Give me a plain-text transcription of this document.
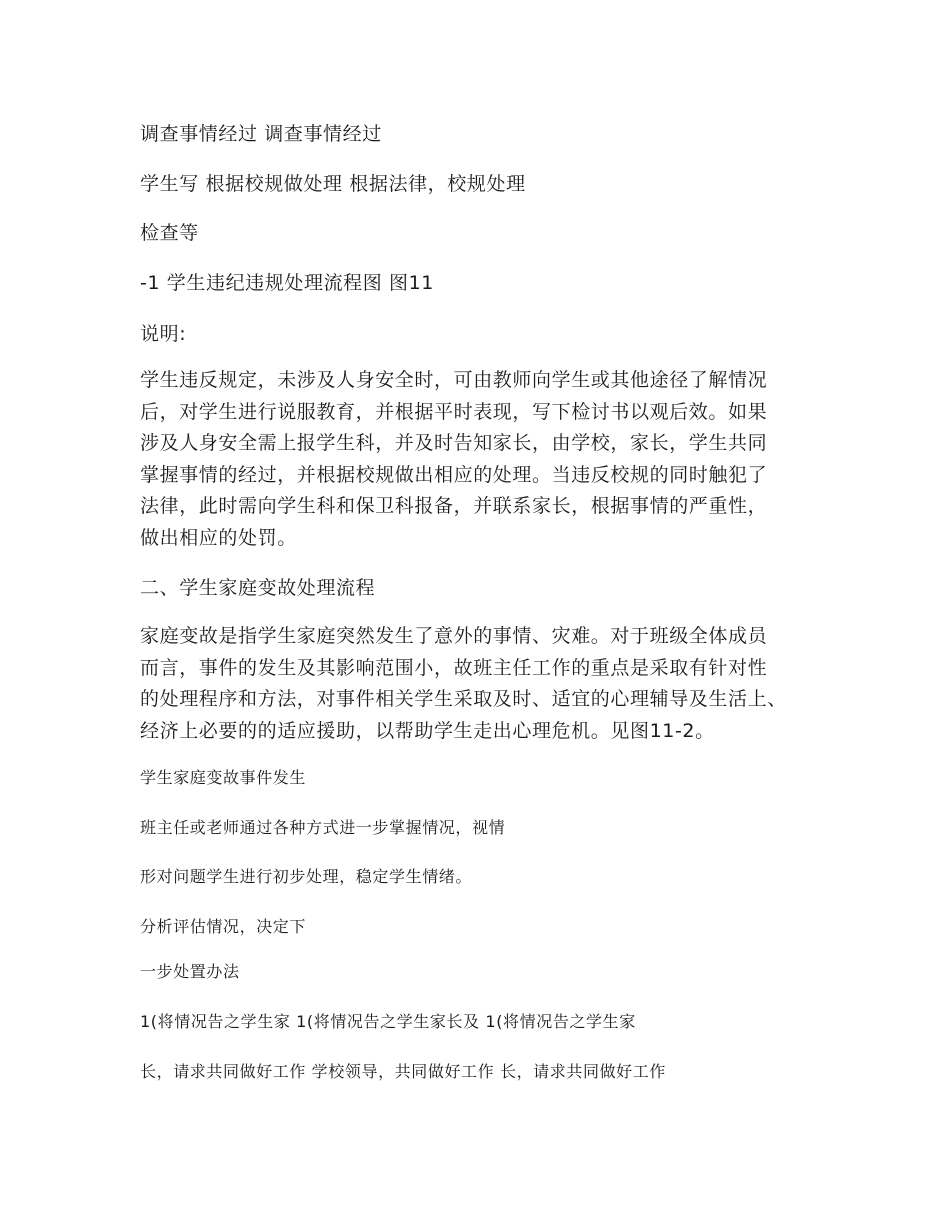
调查事情经过 调查事情经过

学生写 根据校规做处理 根据法律，校规处理

检查等

-1 学生违纪违规处理流程图 图11

说明:

学生违反规定，未涉及人身安全时，可由教师向学生或其他途径了解情况
后，对学生进行说服教育，并根据平时表现，写下检讨书以观后效。如果
涉及人身安全需上报学生科，并及时告知家长，由学校，家长，学生共同
掌握事情的经过，并根据校规做出相应的处理。当违反校规的同时触犯了
法律，此时需向学生科和保卫科报备，并联系家长，根据事情的严重性，
做出相应的处罚。

二、学生家庭变故处理流程

家庭变故是指学生家庭突然发生了意外的事情、灾难。对于班级全体成员
而言，事件的发生及其影响范围小，故班主任工作的重点是采取有针对性
的处理程序和方法，对事件相关学生采取及时、适宜的心理辅导及生活上、
经济上必要的的适应援助，以帮助学生走出心理危机。见图11-2。

学生家庭变故事件发生

班主任或老师通过各种方式进一步掌握情况，视情

形对问题学生进行初步处理，稳定学生情绪。

分析评估情况，决定下

一步处置办法

1(将情况告之学生家 1(将情况告之学生家长及 1(将情况告之学生家

长，请求共同做好工作 学校领导，共同做好工作 长，请求共同做好工作
